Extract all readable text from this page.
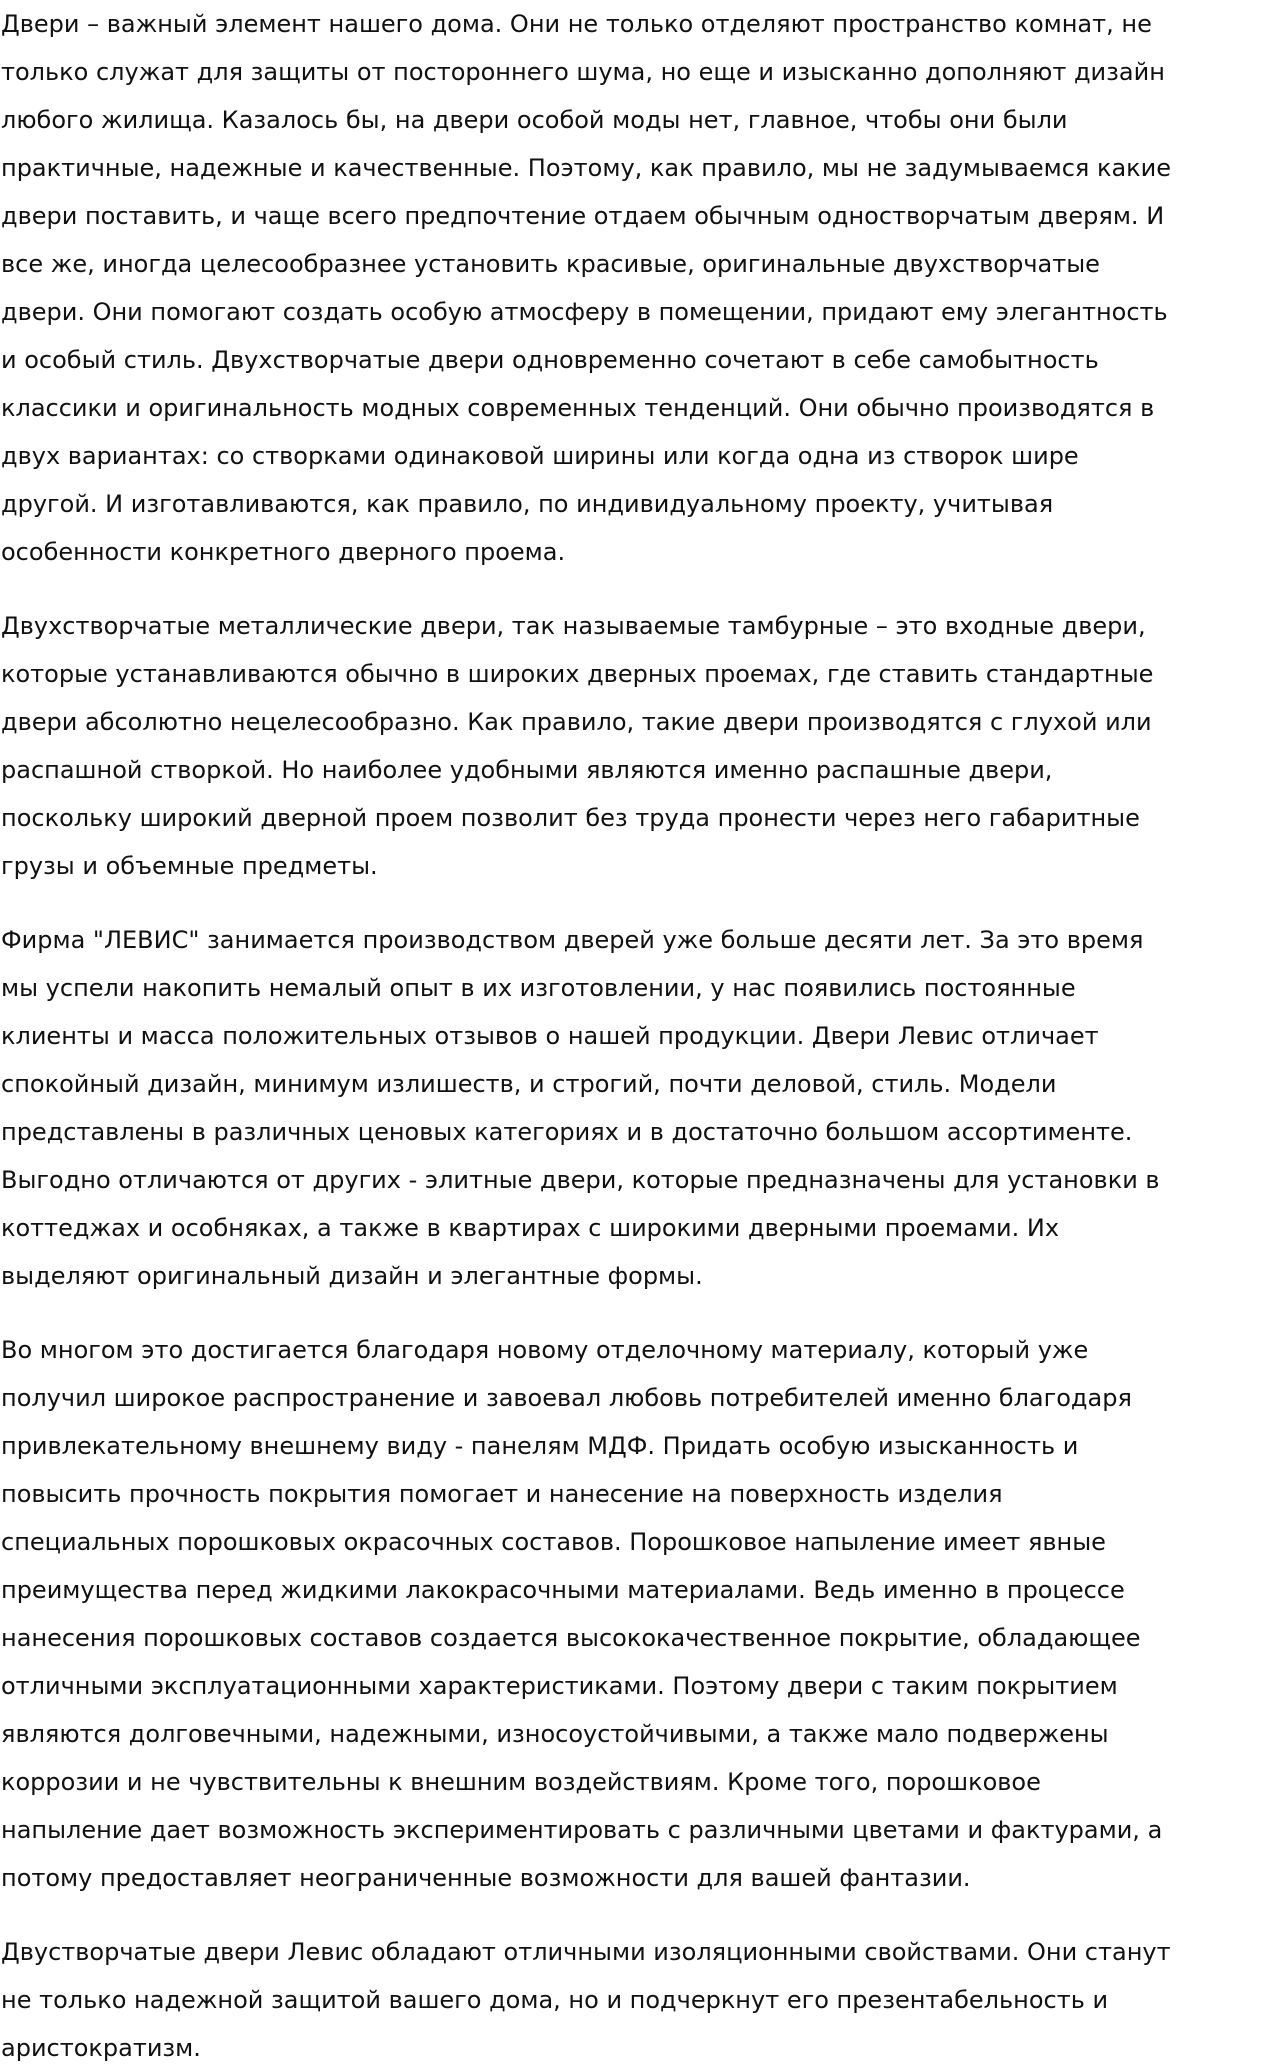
Двери – важный элемент нашего дома. Они не только отделяют пространство комнат, не
только служат для защиты от постороннего шума, но еще и изысканно дополняют дизайн
любого жилища. Казалось бы, на двери особой моды нет, главное, чтобы они были
практичные, надежные и качественные. Поэтому, как правило, мы не задумываемся какие
двери поставить, и чаще всего предпочтение отдаем обычным одностворчатым дверям. И
все же, иногда целесообразнее установить красивые, оригинальные двухстворчатые
двери. Они помогают создать особую атмосферу в помещении, придают ему элегантность
и особый стиль. Двухстворчатые двери одновременно сочетают в себе самобытность
классики и оригинальность модных современных тенденций. Они обычно производятся в
двух вариантах: со створками одинаковой ширины или когда одна из створок шире
другой. И изготавливаются, как правило, по индивидуальному проекту, учитывая
особенности конкретного дверного проема.

Двухстворчатые металлические двери, так называемые тамбурные – это входные двери,
которые устанавливаются обычно в широких дверных проемах, где ставить стандартные
двери абсолютно нецелесообразно. Как правило, такие двери производятся с глухой или
распашной створкой. Но наиболее удобными являются именно распашные двери,
поскольку широкий дверной проем позволит без труда пронести через него габаритные
грузы и объемные предметы.

Фирма "ЛЕВИС" занимается производством дверей уже больше десяти лет. За это время
мы успели накопить немалый опыт в их изготовлении, у нас появились постоянные
клиенты и масса положительных отзывов о нашей продукции. Двери Левис отличает
спокойный дизайн, минимум излишеств, и строгий, почти деловой, стиль. Модели
представлены в различных ценовых категориях и в достаточно большом ассортименте.
Выгодно отличаются от других - элитные двери, которые предназначены для установки в
коттеджах и особняках, а также в квартирах с широкими дверными проемами. Их
выделяют оригинальный дизайн и элегантные формы.

Во многом это достигается благодаря новому отделочному материалу, который уже
получил широкое распространение и завоевал любовь потребителей именно благодаря
привлекательному внешнему виду - панелям МДФ. Придать особую изысканность и
повысить прочность покрытия помогает и нанесение на поверхность изделия
специальных порошковых окрасочных составов. Порошковое напыление имеет явные
преимущества перед жидкими лакокрасочными материалами. Ведь именно в процессе
нанесения порошковых составов создается высококачественное покрытие, обладающее
отличными эксплуатационными характеристиками. Поэтому двери с таким покрытием
являются долговечными, надежными, износоустойчивыми, а также мало подвержены
коррозии и не чувствительны к внешним воздействиям. Кроме того, порошковое
напыление дает возможность экспериментировать с различными цветами и фактурами, а
потому предоставляет неограниченные возможности для вашей фантазии.

Двустворчатые двери Левис обладают отличными изоляционными свойствами. Они станут
не только надежной защитой вашего дома, но и подчеркнут его презентабельность и
аристократизм.
